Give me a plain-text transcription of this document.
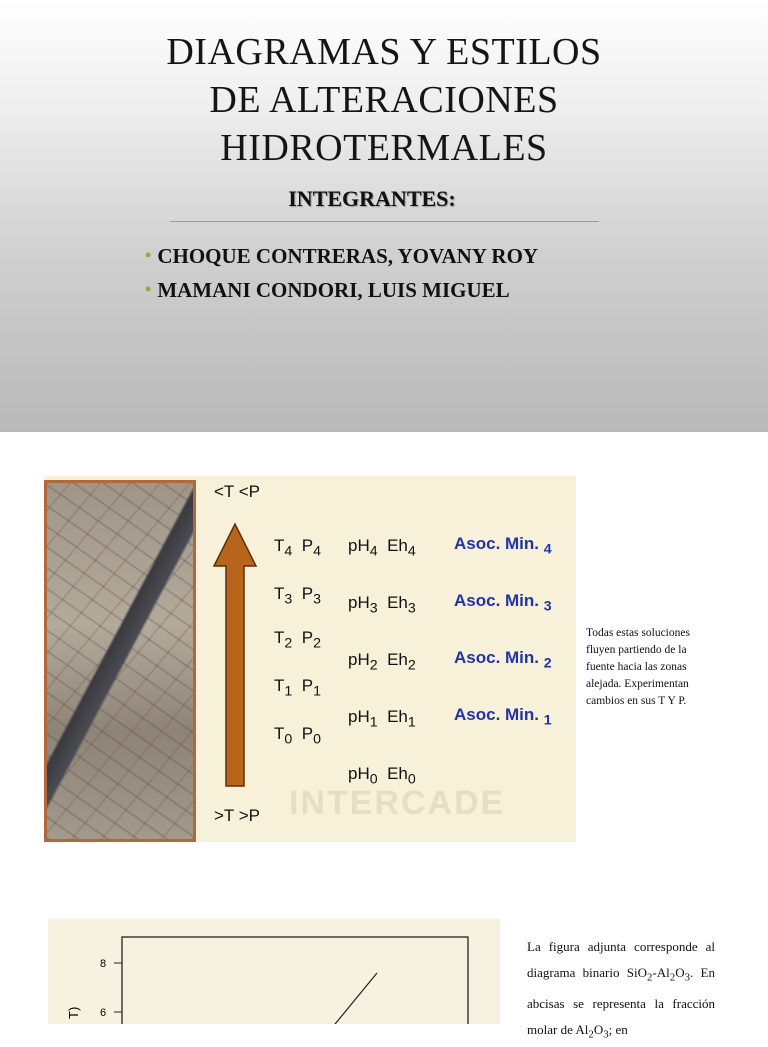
DIAGRAMAS Y ESTILOS
DE ALTERACIONES
HIDROTERMALES
INTEGRANTES:
• CHOQUE CONTRERAS, YOVANY ROY
• MAMANI CONDORI, LUIS MIGUEL
INTERCADE
<T <P
>T >P
$T_4$ $P_4$
$T_3$ $P_3$
$T_2$ $P_2$
$T_1$ $P_1$
$T_0$ $P_0$
$pH_4$ $Eh_4$
$pH_3$ $Eh_3$
$pH_2$ $Eh_2$
$pH_1$ $Eh_1$
$pH_0$ $Eh_0$
Asoc. Min. $_4$
Asoc. Min. $_3$
Asoc. Min. $_2$
Asoc. Min. $_1$
Todas estas soluciones fluyen partiendo de la fuente hacia las zonas alejada. Experimentan cambios en sus T Y P.
8
6
T)
La figura adjunta corresponde al diagrama binario $SiO_2-Al_2O_3$. En abcisas se representa la fracción molar de $Al_2O_3$; en
